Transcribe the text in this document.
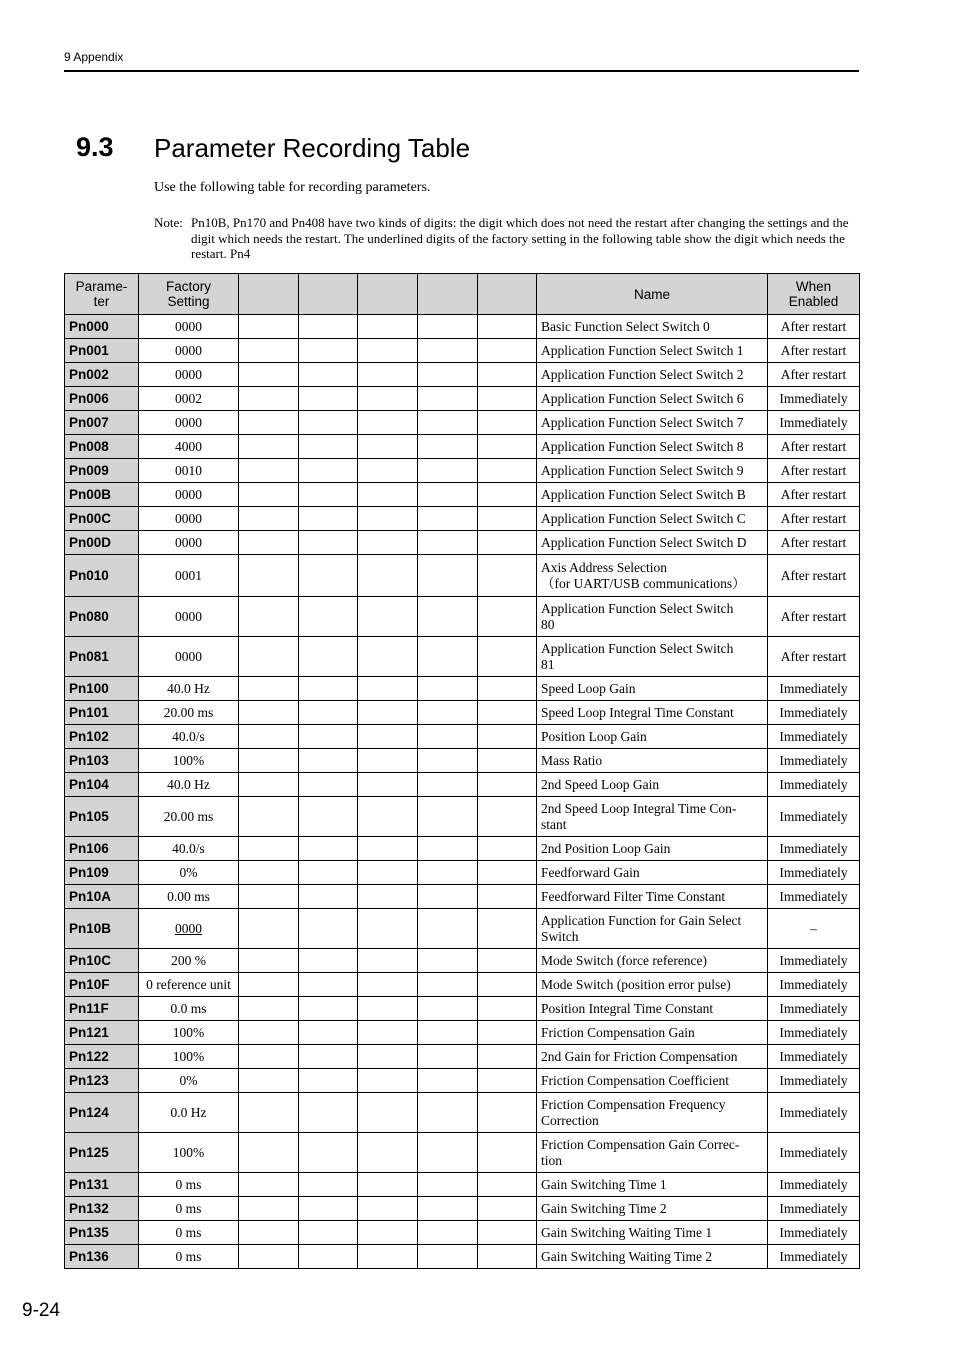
9 Appendix
9.3 Parameter Recording Table
Use the following table for recording parameters.
Note: Pn10B, Pn170 and Pn408 have two kinds of digits: the digit which does not need the restart after changing the settings and the digit which needs the restart. The underlined digits of the factory setting in the following table show the digit which needs the restart. Pn4
Parame-
ter	Factory
Setting						Name	When
Enabled
Pn000	0000						Basic Function Select Switch 0	After restart
Pn001	0000						Application Function Select Switch 1	After restart
Pn002	0000						Application Function Select Switch 2	After restart
Pn006	0002						Application Function Select Switch 6	Immediately
Pn007	0000						Application Function Select Switch 7	Immediately
Pn008	4000						Application Function Select Switch 8	After restart
Pn009	0010						Application Function Select Switch 9	After restart
Pn00B	0000						Application Function Select Switch B	After restart
Pn00C	0000						Application Function Select Switch C	After restart
Pn00D	0000						Application Function Select Switch D	After restart
Pn010	0001						Axis Address Selection
（for UART/USB communications）	After restart
Pn080	0000						Application Function Select Switch
80	After restart
Pn081	0000						Application Function Select Switch
81	After restart
Pn100	40.0 Hz						Speed Loop Gain	Immediately
Pn101	20.00 ms						Speed Loop Integral Time Constant	Immediately
Pn102	40.0/s						Position Loop Gain	Immediately
Pn103	100%						Mass Ratio	Immediately
Pn104	40.0 Hz						2nd Speed Loop Gain	Immediately
Pn105	20.00 ms						2nd Speed Loop Integral Time Con-
stant	Immediately
Pn106	40.0/s						2nd Position Loop Gain	Immediately
Pn109	0%						Feedforward Gain	Immediately
Pn10A	0.00 ms						Feedforward Filter Time Constant	Immediately
Pn10B	0000						Application Function for Gain Select
Switch	–
Pn10C	200 %						Mode Switch (force reference)	Immediately
Pn10F	0 reference unit						Mode Switch (position error pulse)	Immediately
Pn11F	0.0 ms						Position Integral Time Constant	Immediately
Pn121	100%						Friction Compensation Gain	Immediately
Pn122	100%						2nd Gain for Friction Compensation	Immediately
Pn123	0%						Friction Compensation Coefficient	Immediately
Pn124	0.0 Hz						Friction Compensation Frequency
Correction	Immediately
Pn125	100%						Friction Compensation Gain Correc-
tion	Immediately
Pn131	0 ms						Gain Switching Time 1	Immediately
Pn132	0 ms						Gain Switching Time 2	Immediately
Pn135	0 ms						Gain Switching Waiting Time 1	Immediately
Pn136	0 ms						Gain Switching Waiting Time 2	Immediately
9-24
